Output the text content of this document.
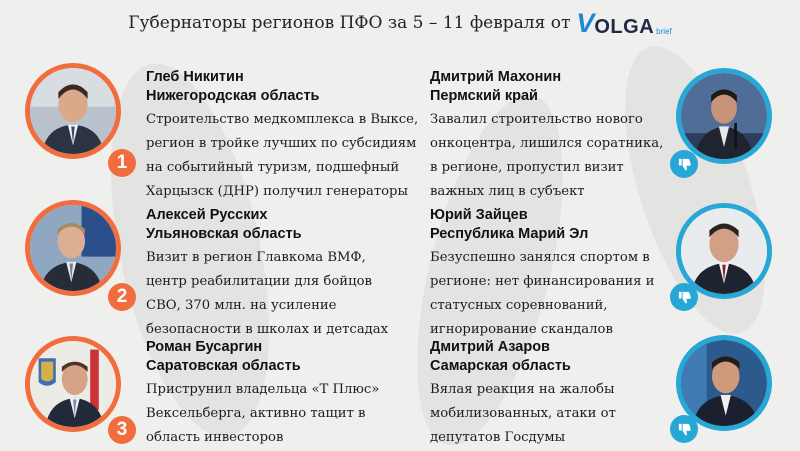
Губернаторы регионов ПФО за 5 – 11 февраля от V OLGA brief
1
Глеб Никитин
Нижегородская область
Строительство медкомплекса в Выксе,
регион в тройке лучших по субсидиям
на событийный туризм, подшефный
Харцызск (ДНР) получил генераторы
2
Алексей Русских
Ульяновская область
Визит в регион Главкома ВМФ,
центр реабилитации для бойцов
СВО, 370 млн. на усиление
безопасности в школах и детсадах
3
Роман Бусаргин
Саратовская область
Приструнил владельца «Т Плюс»
Вексельберга, активно тащит в
область инвесторов
Дмитрий Махонин
Пермский край
Завалил строительство нового
онкоцентра, лишился соратника,
в регионе, пропустил визит
важных лиц в субъект
Юрий Зайцев
Республика Марий Эл
Безуспешно занялся спортом в
регионе: нет финансирования и
статусных соревнований,
игнорирование скандалов
Дмитрий Азаров
Самарская область
Вялая реакция на жалобы
мобилизованных, атаки от
депутатов Госдумы
